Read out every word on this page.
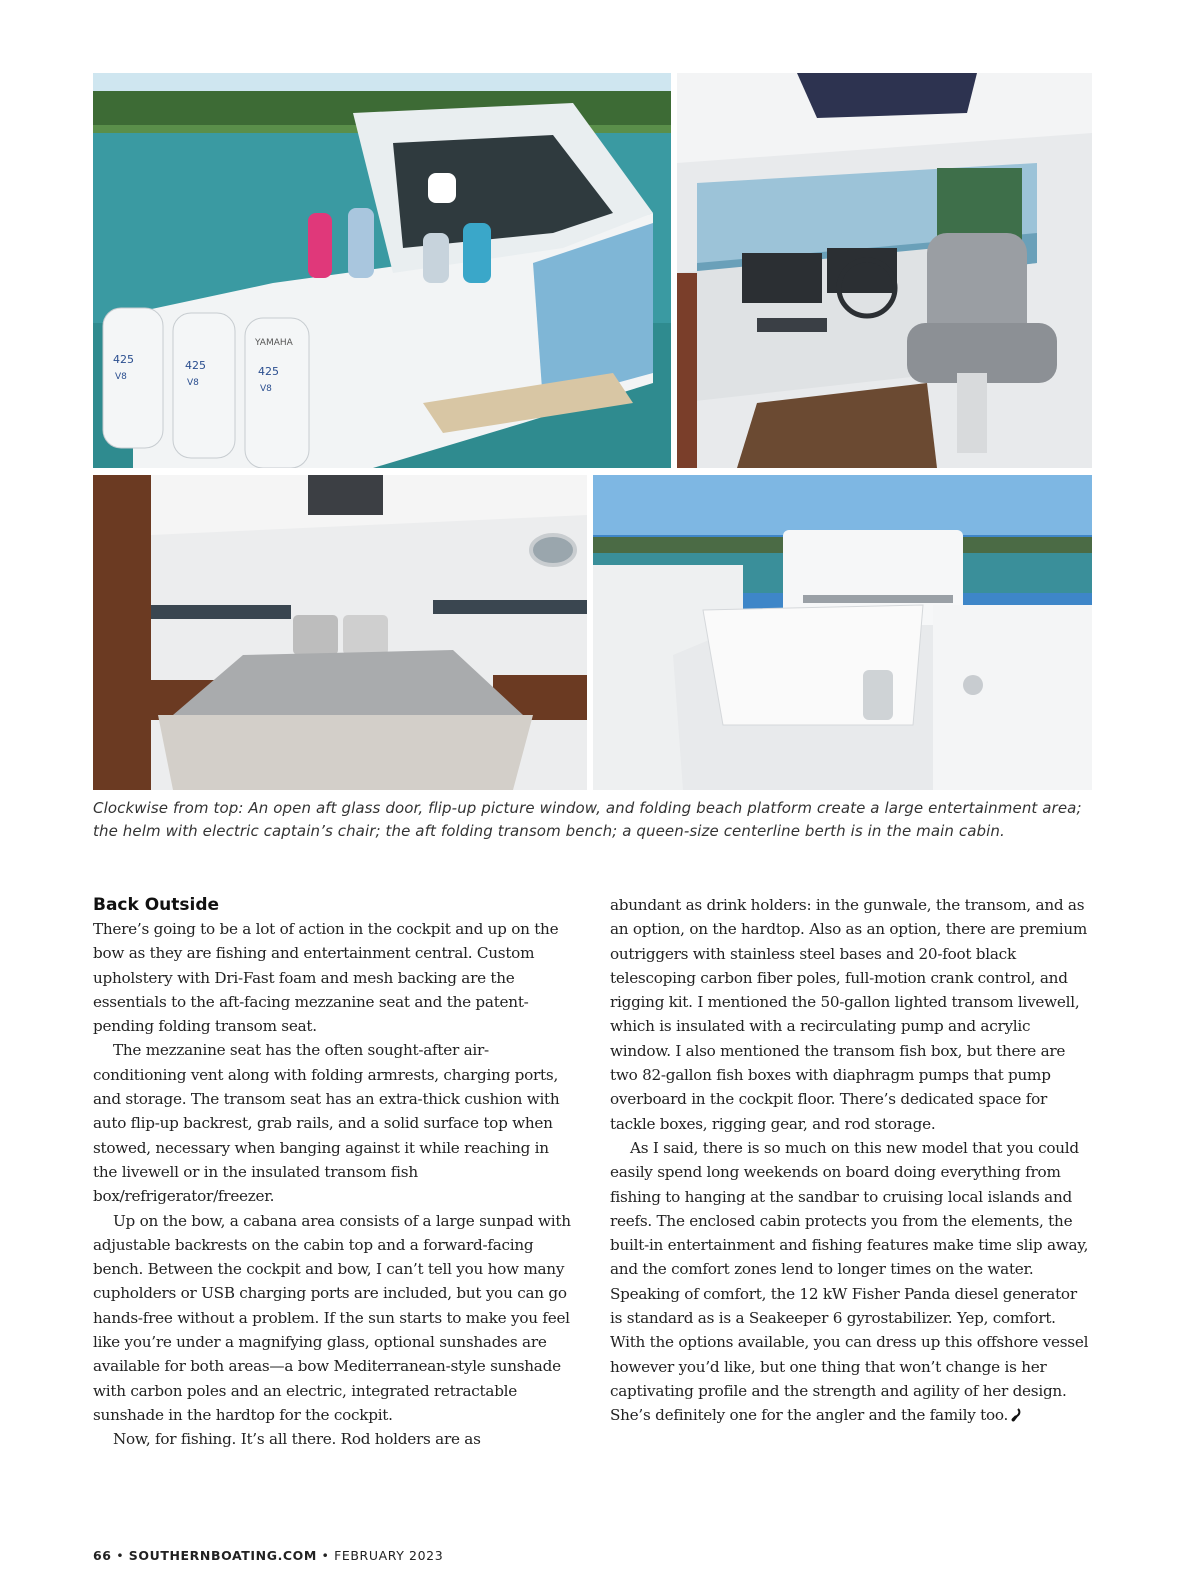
425	425	425
V8
V8
V8
YAMAHA
Clockwise from top: An open aft glass door, flip-up picture window, and folding beach platform create a large entertainment area; the helm with electric captain’s chair; the aft folding transom bench; a queen-size centerline berth is in the main cabin.
Back Outside

There’s going to be a lot of action in the cockpit and up on the bow as they are fishing and entertainment central. Custom upholstery with Dri-Fast foam and mesh backing are the essentials to the aft-facing mezzanine seat and the patent-pending folding transom seat.

The mezzanine seat has the often sought-after air-conditioning vent along with folding armrests, charging ports, and storage. The transom seat has an extra-thick cushion with auto flip-up backrest, grab rails, and a solid surface top when stowed, necessary when banging against it while reaching in the livewell or in the insulated transom fish box/refrigerator/freezer.

Up on the bow, a cabana area consists of a large sunpad with adjustable backrests on the cabin top and a forward-facing bench. Between the cockpit and bow, I can’t tell you how many cupholders or USB charging ports are included, but you can go hands-free without a problem. If the sun starts to make you feel like you’re under a magnifying glass, optional sunshades are available for both areas—a bow Mediterranean-style sunshade with carbon poles and an electric, integrated retractable sunshade in the hardtop for the cockpit.

Now, for fishing. It’s all there. Rod holders are as

abundant as drink holders: in the gunwale, the transom, and as an option, on the hardtop. Also as an option, there are premium outriggers with stainless steel bases and 20-foot black telescoping carbon fiber poles, full-motion crank control, and rigging kit. I mentioned the 50-gallon lighted transom livewell, which is insulated with a recirculating pump and acrylic window. I also mentioned the transom fish box, but there are two 82-gallon fish boxes with diaphragm pumps that pump overboard in the cockpit floor. There’s dedicated space for tackle boxes, rigging gear, and rod storage.

As I said, there is so much on this new model that you could easily spend long weekends on board doing everything from fishing to hanging at the sandbar to cruising local islands and reefs. The enclosed cabin protects you from the elements, the built-in entertainment and fishing features make time slip away, and the comfort zones lend to longer times on the water. Speaking of comfort, the 12 kW Fisher Panda diesel generator is standard as is a Seakeeper 6 gyrostabilizer. Yep, comfort. With the options available, you can dress up this offshore vessel however you’d like, but one thing that won’t change is her captivating profile and the strength and agility of her design. She’s definitely one for the angler and the family too.

66 • SOUTHERNBOATING.COM • FEBRUARY 2023
